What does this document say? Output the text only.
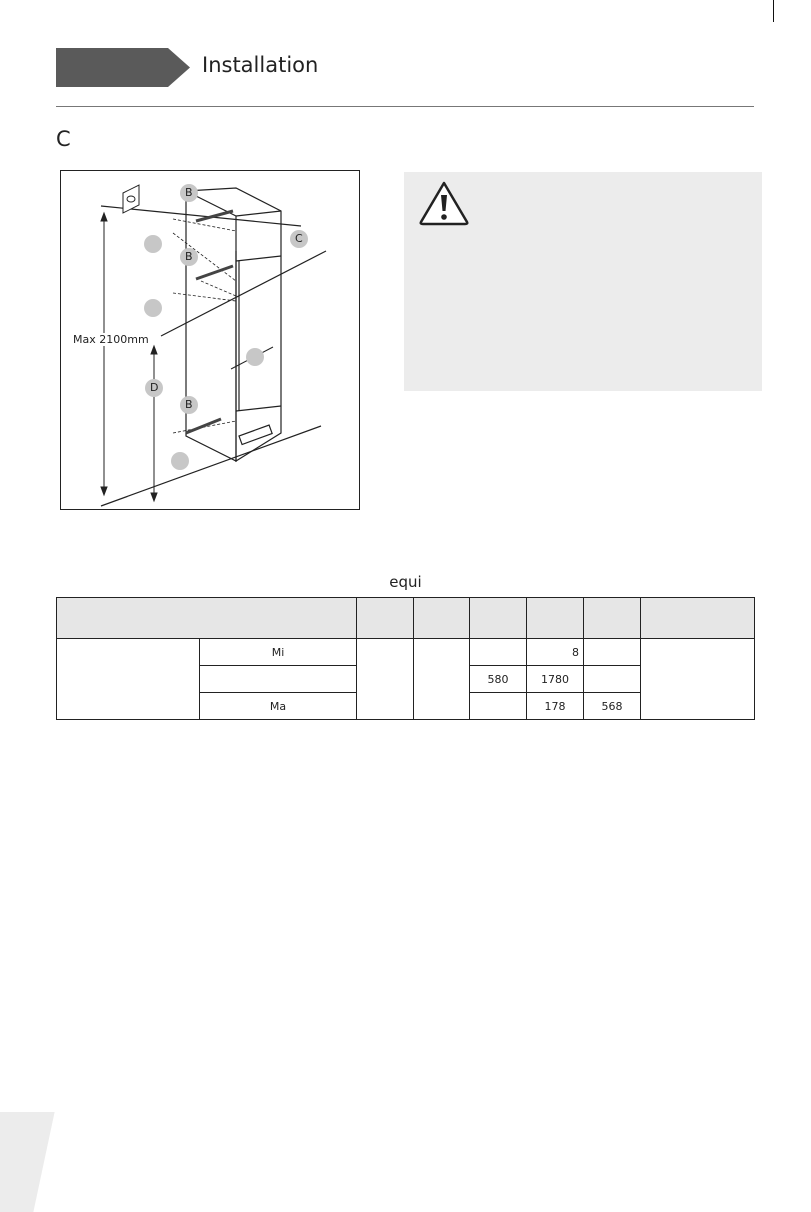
Installation
C
B
B
B
C
D
Max 2100mm
equi

	Mi				8		
				580	1780		
	Ma				178	568	
